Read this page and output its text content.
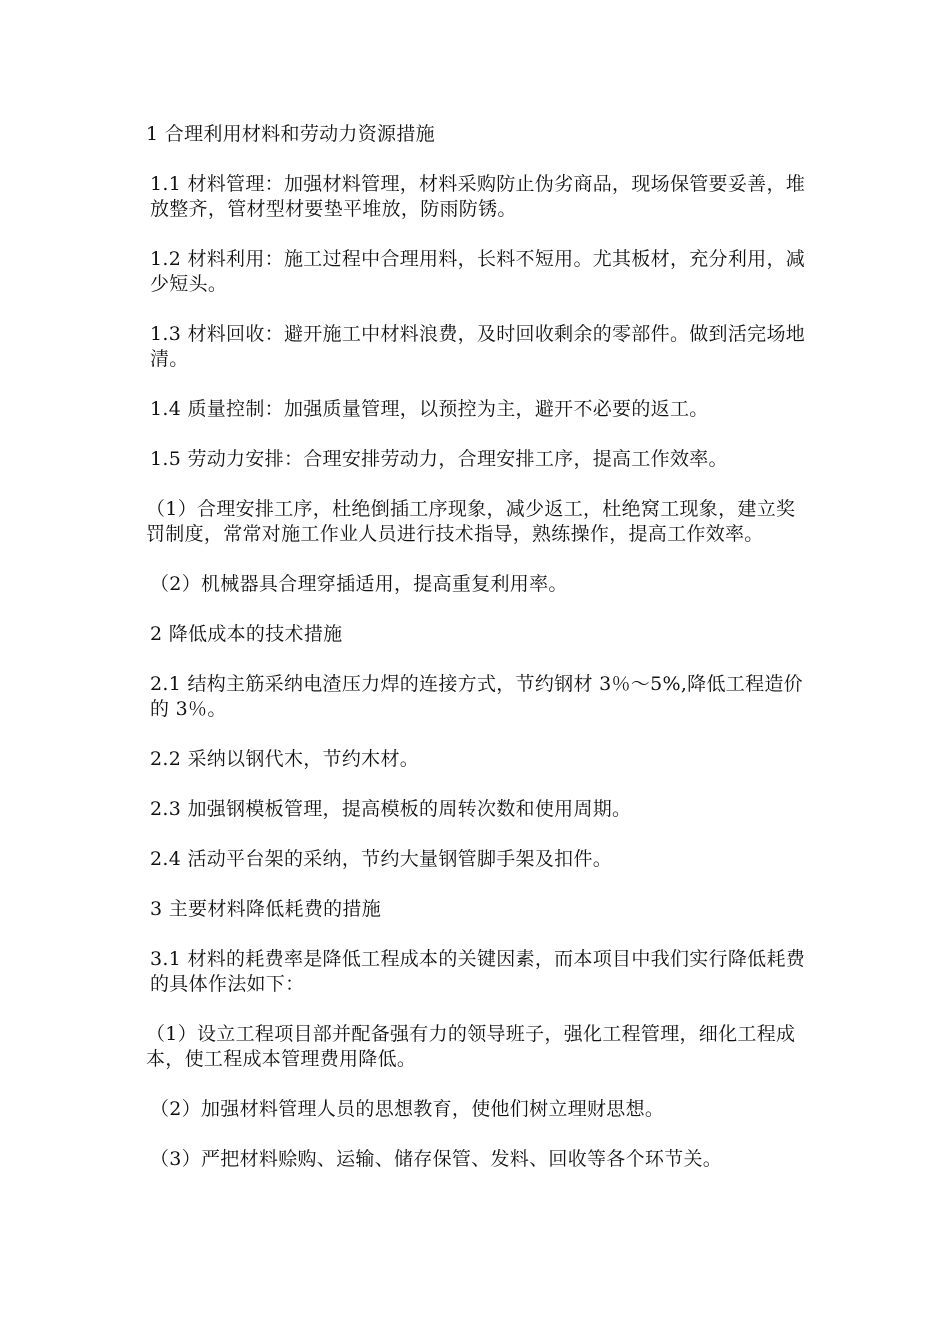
1 合理利用材料和劳动力资源措施

1.1 材料管理：加强材料管理，材料采购防止伪劣商品，现场保管要妥善，堆放整齐，管材型材要垫平堆放，防雨防锈。

1.2 材料利用：施工过程中合理用料，长料不短用。尤其板材，充分利用，减少短头。

1.3 材料回收：避开施工中材料浪费，及时回收剩余的零部件。做到活完场地清。

1.4 质量控制：加强质量管理，以预控为主，避开不必要的返工。

1.5 劳动力安排：合理安排劳动力，合理安排工序，提高工作效率。

（1）合理安排工序，杜绝倒插工序现象，减少返工，杜绝窝工现象，建立奖罚制度，常常对施工作业人员进行技术指导，熟练操作，提高工作效率。

（2）机械器具合理穿插适用，提高重复利用率。

2 降低成本的技术措施

2.1 结构主筋采纳电渣压力焊的连接方式，节约钢材 3％～5%,降低工程造价的 3％。

2.2 采纳以钢代木，节约木材。

2.3 加强钢模板管理，提高模板的周转次数和使用周期。

2.4 活动平台架的采纳，节约大量钢管脚手架及扣件。

3 主要材料降低耗费的措施

3.1 材料的耗费率是降低工程成本的关键因素，而本项目中我们实行降低耗费的具体作法如下：

（1）设立工程项目部并配备强有力的领导班子，强化工程管理，细化工程成本，使工程成本管理费用降低。

（2）加强材料管理人员的思想教育，使他们树立理财思想。

（3）严把材料赊购、运输、储存保管、发料、回收等各个环节关。
